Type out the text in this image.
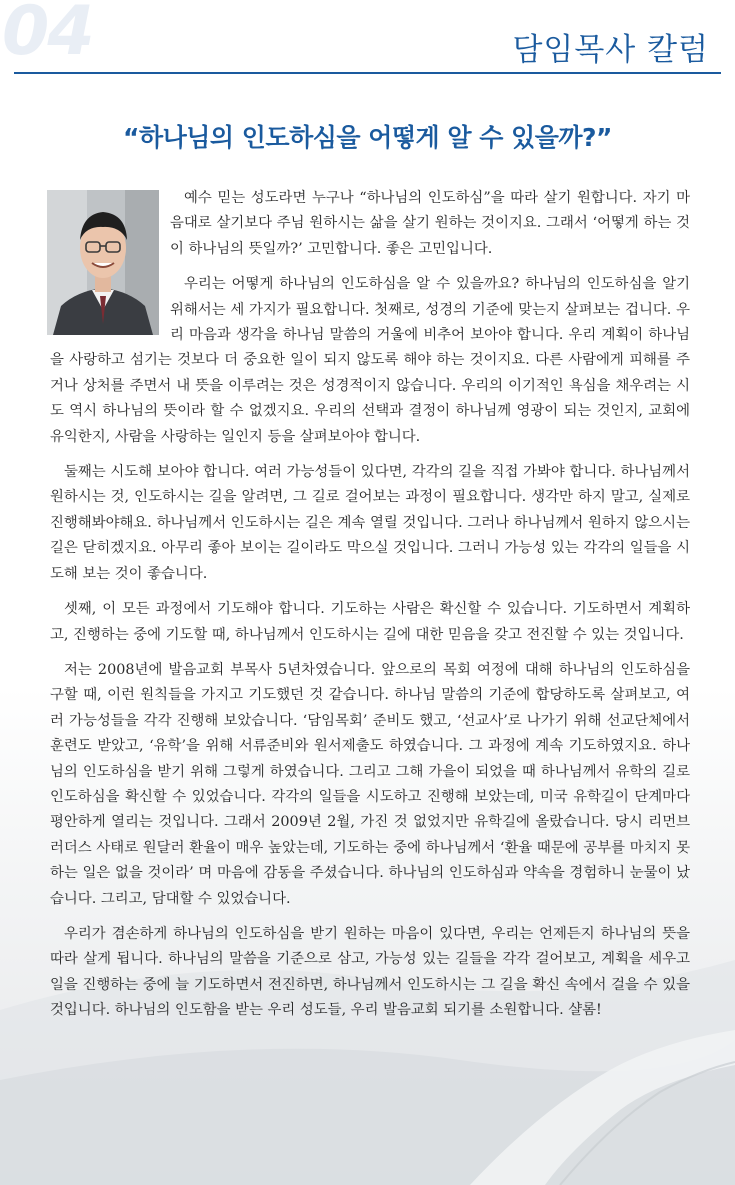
04	담임목사 칼럼
“하나님의 인도하심을 어떻게 알 수 있을까?”

예수 믿는 성도라면 누구나 “하나님의 인도하심”을 따라 살기 원합니다. 자기 마음대로 살기보다 주님 원하시는 삶을 살기 원하는 것이지요. 그래서 ‘어떻게 하는 것이 하나님의 뜻일까?’ 고민합니다. 좋은 고민입니다.

우리는 어떻게 하나님의 인도하심을 알 수 있을까요? 하나님의 인도하심을 알기 위해서는 세 가지가 필요합니다. 첫째로, 성경의 기준에 맞는지 살펴보는 겁니다. 우리 마음과 생각을 하나님 말씀의 거울에 비추어 보아야 합니다. 우리 계획이 하나님을 사랑하고 섬기는 것보다 더 중요한 일이 되지 않도록 해야 하는 것이지요. 다른 사람에게 피해를 주거나 상처를 주면서 내 뜻을 이루려는 것은 성경적이지 않습니다. 우리의 이기적인 욕심을 채우려는 시도 역시 하나님의 뜻이라 할 수 없겠지요. 우리의 선택과 결정이 하나님께 영광이 되는 것인지, 교회에 유익한지, 사람을 사랑하는 일인지 등을 살펴보아야 합니다.

둘째는 시도해 보아야 합니다. 여러 가능성들이 있다면, 각각의 길을 직접 가봐야 합니다. 하나님께서 원하시는 것, 인도하시는 길을 알려면, 그 길로 걸어보는 과정이 필요합니다. 생각만 하지 말고, 실제로 진행해봐야해요. 하나님께서 인도하시는 길은 계속 열릴 것입니다. 그러나 하나님께서 원하지 않으시는 길은 닫히겠지요. 아무리 좋아 보이는 길이라도 막으실 것입니다. 그러니 가능성 있는 각각의 일들을 시도해 보는 것이 좋습니다.

셋째, 이 모든 과정에서 기도해야 합니다. 기도하는 사람은 확신할 수 있습니다. 기도하면서 계획하고, 진행하는 중에 기도할 때, 하나님께서 인도하시는 길에 대한 믿음을 갖고 전진할 수 있는 것입니다.

저는 2008년에 발음교회 부목사 5년차였습니다. 앞으로의 목회 여정에 대해 하나님의 인도하심을 구할 때, 이런 원칙들을 가지고 기도했던 것 같습니다. 하나님 말씀의 기준에 합당하도록 살펴보고, 여러 가능성들을 각각 진행해 보았습니다. ‘담임목회’ 준비도 했고, ‘선교사’로 나가기 위해 선교단체에서 훈련도 받았고, ‘유학’을 위해 서류준비와 원서제출도 하였습니다. 그 과정에 계속 기도하였지요. 하나님의 인도하심을 받기 위해 그렇게 하였습니다. 그리고 그해 가을이 되었을 때 하나님께서 유학의 길로 인도하심을 확신할 수 있었습니다. 각각의 일들을 시도하고 진행해 보았는데, 미국 유학길이 단계마다 평안하게 열리는 것입니다. 그래서 2009년 2월, 가진 것 없었지만 유학길에 올랐습니다. 당시 리먼브러더스 사태로 원달러 환율이 매우 높았는데, 기도하는 중에 하나님께서 ‘환율 때문에 공부를 마치지 못하는 일은 없을 것이라’ 며 마음에 감동을 주셨습니다. 하나님의 인도하심과 약속을 경험하니 눈물이 났습니다. 그리고, 담대할 수 있었습니다.

우리가 겸손하게 하나님의 인도하심을 받기 원하는 마음이 있다면, 우리는 언제든지 하나님의 뜻을 따라 살게 됩니다. 하나님의 말씀을 기준으로 삼고, 가능성 있는 길들을 각각 걸어보고, 계획을 세우고 일을 진행하는 중에 늘 기도하면서 전진하면, 하나님께서 인도하시는 그 길을 확신 속에서 걸을 수 있을 것입니다. 하나님의 인도함을 받는 우리 성도들, 우리 발음교회 되기를 소원합니다. 샬롬!
